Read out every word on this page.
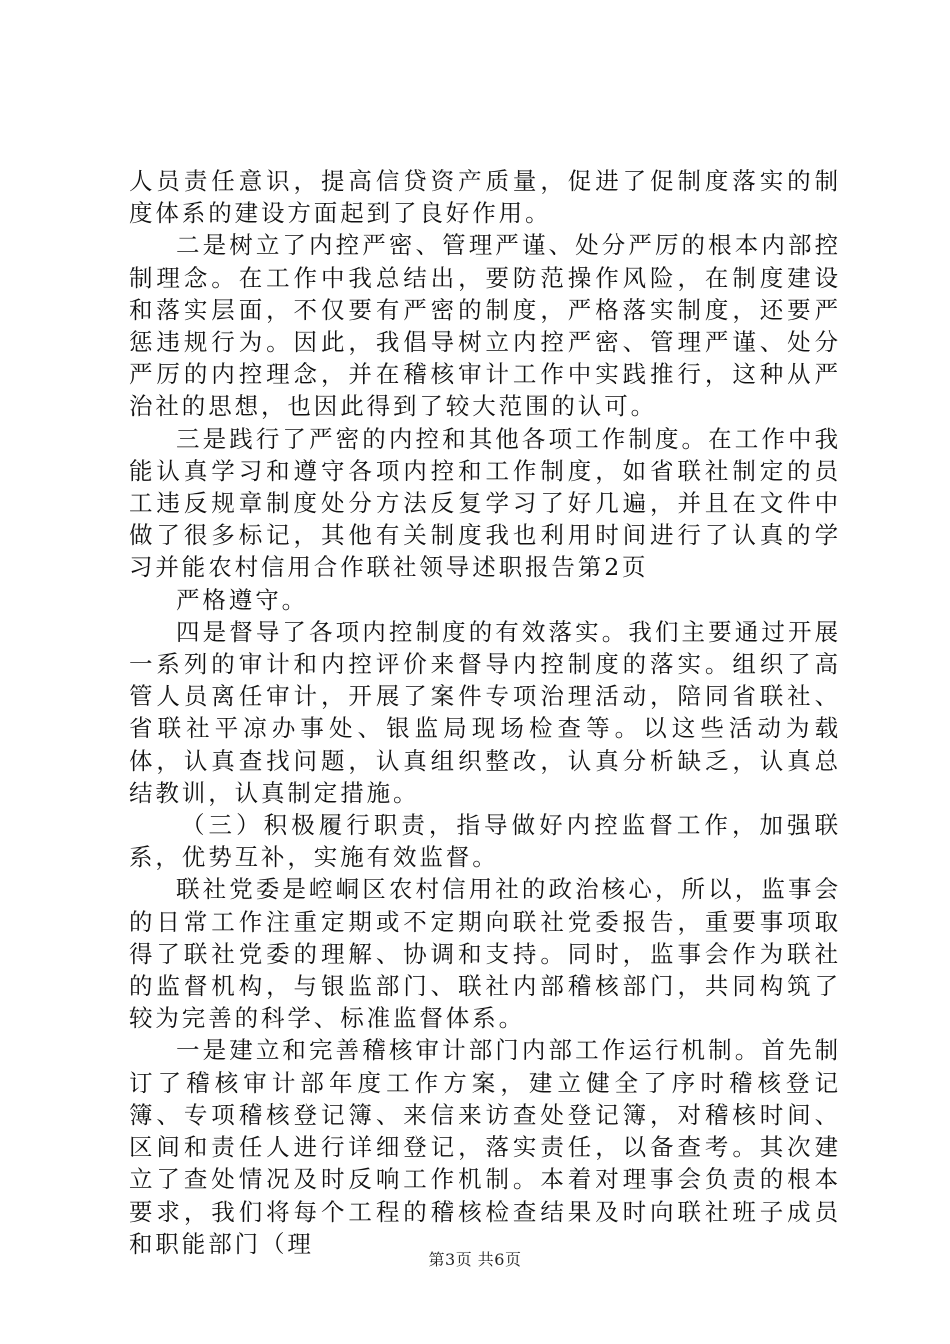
人员责任意识，提高信贷资产质量，促进了促制度落实的制度体系的建设方面起到了良好作用。

二是树立了内控严密、管理严谨、处分严厉的根本内部控制理念。在工作中我总结出，要防范操作风险，在制度建设和落实层面，不仅要有严密的制度，严格落实制度，还要严惩违规行为。因此，我倡导树立内控严密、管理严谨、处分严厉的内控理念，并在稽核审计工作中实践推行，这种从严治社的思想，也因此得到了较大范围的认可。

三是践行了严密的内控和其他各项工作制度。在工作中我能认真学习和遵守各项内控和工作制度，如省联社制定的员工违反规章制度处分方法反复学习了好几遍，并且在文件中做了很多标记，其他有关制度我也利用时间进行了认真的学习并能农村信用合作联社领导述职报告第2页

严格遵守。

四是督导了各项内控制度的有效落实。我们主要通过开展一系列的审计和内控评价来督导内控制度的落实。组织了高管人员离任审计，开展了案件专项治理活动，陪同省联社、省联社平凉办事处、银监局现场检查等。以这些活动为载体，认真查找问题，认真组织整改，认真分析缺乏，认真总结教训，认真制定措施。

（三）积极履行职责，指导做好内控监督工作，加强联系，优势互补，实施有效监督。

联社党委是崆峒区农村信用社的政治核心，所以，监事会的日常工作注重定期或不定期向联社党委报告，重要事项取得了联社党委的理解、协调和支持。同时，监事会作为联社的监督机构，与银监部门、联社内部稽核部门，共同构筑了较为完善的科学、标准监督体系。

一是建立和完善稽核审计部门内部工作运行机制。首先制订了稽核审计部年度工作方案，建立健全了序时稽核登记簿、专项稽核登记簿、来信来访查处登记簿，对稽核时间、区间和责任人进行详细登记，落实责任，以备查考。其次建立了查处情况及时反响工作机制。本着对理事会负责的根本要求，我们将每个工程的稽核检查结果及时向联社班子成员和职能部门（理

第3页 共6页
